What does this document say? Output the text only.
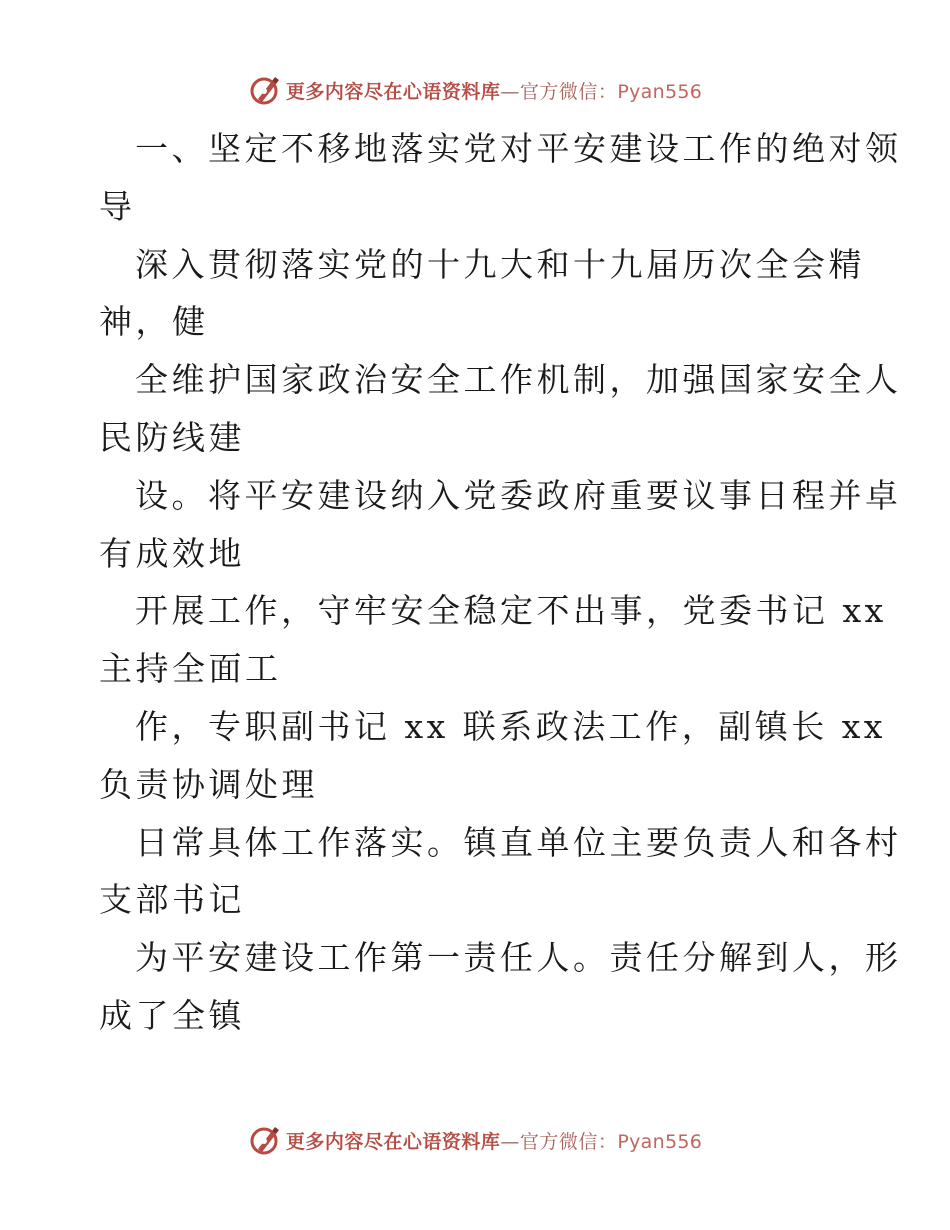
更多内容尽在心语资料库—官方微信：Pyan556
一、坚定不移地落实党对平安建设工作的绝对领
导
深入贯彻落实党的十九大和十九届历次全会精
神，健
全维护国家政治安全工作机制，加强国家安全人
民防线建
设。将平安建设纳入党委政府重要议事日程并卓
有成效地
开展工作，守牢安全稳定不出事，党委书记 xx
主持全面工
作，专职副书记 xx 联系政法工作，副镇长 xx
负责协调处理
日常具体工作落实。镇直单位主要负责人和各村
支部书记
为平安建设工作第一责任人。责任分解到人，形
成了全镇
更多内容尽在心语资料库—官方微信：Pyan556
